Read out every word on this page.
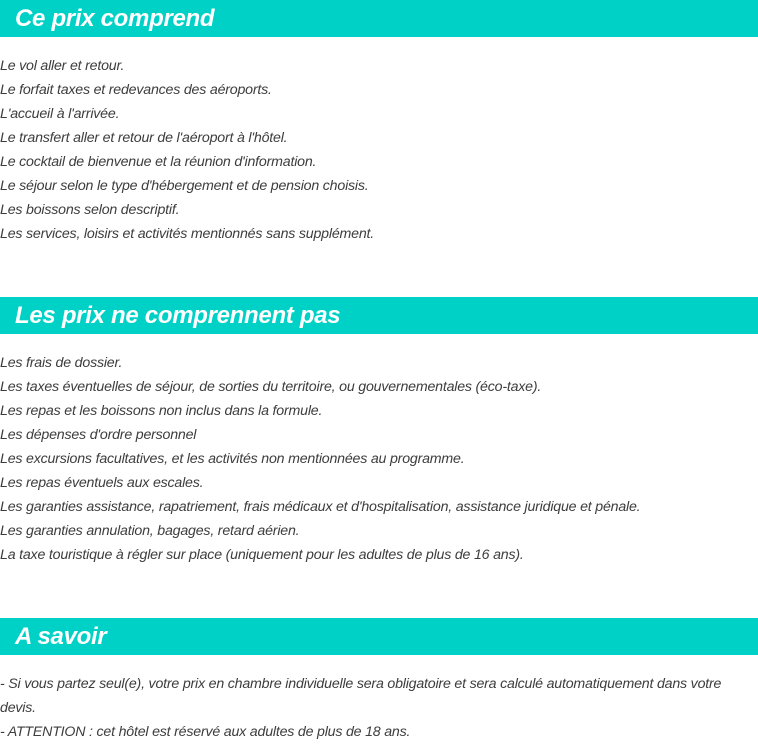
Ce prix comprend
Le vol aller et retour.
Le forfait taxes et redevances des aéroports.
L'accueil à l'arrivée.
Le transfert aller et retour de l'aéroport à l'hôtel.
Le cocktail de bienvenue et la réunion d'information.
Le séjour selon le type d'hébergement et de pension choisis.
Les boissons selon descriptif.
Les services, loisirs et activités mentionnés sans supplément.
Les prix ne comprennent pas
Les frais de dossier.
Les taxes éventuelles de séjour, de sorties du territoire, ou gouvernementales (éco-taxe).
Les repas et les boissons non inclus dans la formule.
Les dépenses d'ordre personnel
Les excursions facultatives, et les activités non mentionnées au programme.
Les repas éventuels aux escales.
Les garanties assistance, rapatriement, frais médicaux et d'hospitalisation, assistance juridique et pénale.
Les garanties annulation, bagages, retard aérien.
La taxe touristique à régler sur place (uniquement pour les adultes de plus de 16 ans).
A savoir

- Si vous partez seul(e), votre prix en chambre individuelle sera obligatoire et sera calculé automatiquement dans votre devis.

- ATTENTION : cet hôtel est réservé aux adultes de plus de 18 ans.
